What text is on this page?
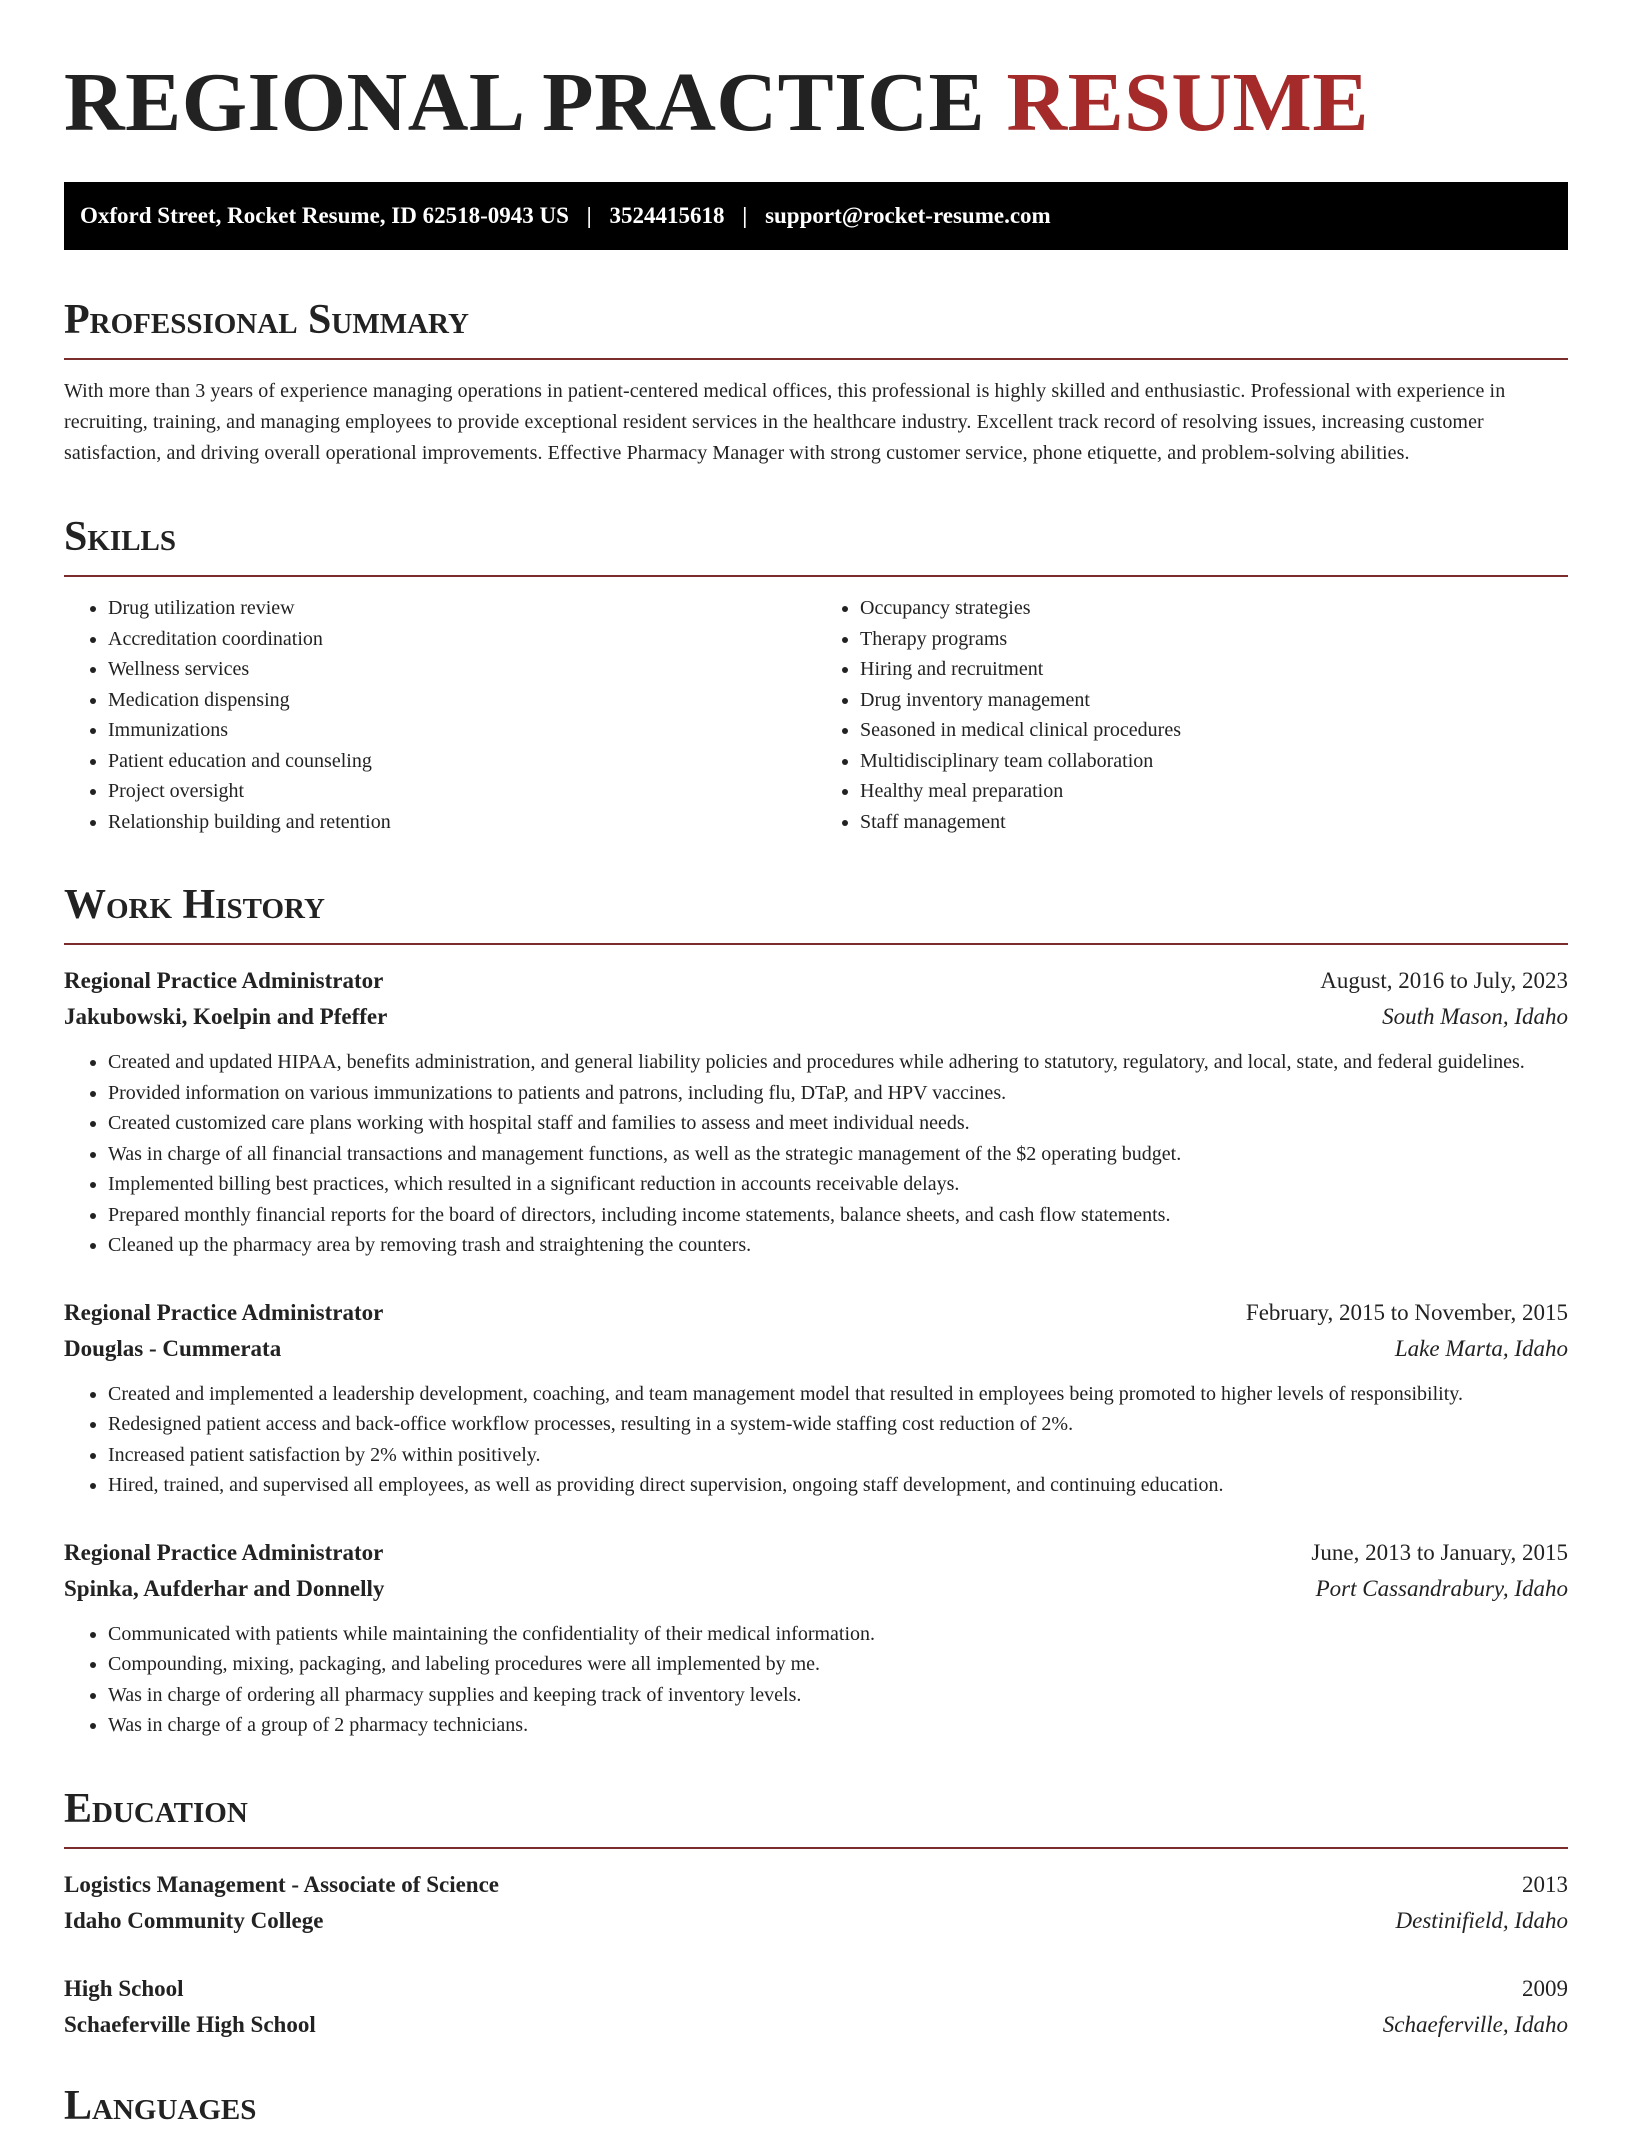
REGIONAL PRACTICE RESUME
Oxford Street, Rocket Resume, ID 62518-0943 US | 3524415618 | support@rocket-resume.com
Professional Summary

With more than 3 years of experience managing operations in patient-centered medical offices, this professional is highly skilled and enthusiastic. Professional with experience in recruiting, training, and managing employees to provide exceptional resident services in the healthcare industry. Excellent track record of resolving issues, increasing customer satisfaction, and driving overall operational improvements. Effective Pharmacy Manager with strong customer service, phone etiquette, and problem-solving abilities.

Skills
• Drug utilization review
• Accreditation coordination
• Wellness services
• Medication dispensing
• Immunizations
• Patient education and counseling
• Project oversight
• Relationship building and retention
• Occupancy strategies
• Therapy programs
• Hiring and recruitment
• Drug inventory management
• Seasoned in medical clinical procedures
• Multidisciplinary team collaboration
• Healthy meal preparation
• Staff management
Work History
Regional Practice Administrator	August, 2016 to July, 2023
Jakubowski, Koelpin and Pfeffer	South Mason, Idaho
• Created and updated HIPAA, benefits administration, and general liability policies and procedures while adhering to statutory, regulatory, and local, state, and federal guidelines.
• Provided information on various immunizations to patients and patrons, including flu, DTaP, and HPV vaccines.
• Created customized care plans working with hospital staff and families to assess and meet individual needs.
• Was in charge of all financial transactions and management functions, as well as the strategic management of the $2 operating budget.
• Implemented billing best practices, which resulted in a significant reduction in accounts receivable delays.
• Prepared monthly financial reports for the board of directors, including income statements, balance sheets, and cash flow statements.
• Cleaned up the pharmacy area by removing trash and straightening the counters.
Regional Practice Administrator	February, 2015 to November, 2015
Douglas - Cummerata	Lake Marta, Idaho
• Created and implemented a leadership development, coaching, and team management model that resulted in employees being promoted to higher levels of responsibility.
• Redesigned patient access and back-office workflow processes, resulting in a system-wide staffing cost reduction of 2%.
• Increased patient satisfaction by 2% within positively.
• Hired, trained, and supervised all employees, as well as providing direct supervision, ongoing staff development, and continuing education.
Regional Practice Administrator	June, 2013 to January, 2015
Spinka, Aufderhar and Donnelly	Port Cassandrabury, Idaho
• Communicated with patients while maintaining the confidentiality of their medical information.
• Compounding, mixing, packaging, and labeling procedures were all implemented by me.
• Was in charge of ordering all pharmacy supplies and keeping track of inventory levels.
• Was in charge of a group of 2 pharmacy technicians.
Education
Logistics Management - Associate of Science	2013
Idaho Community College	Destinifield, Idaho
High School	2009
Schaeferville High School	Schaeferville, Idaho
Languages
